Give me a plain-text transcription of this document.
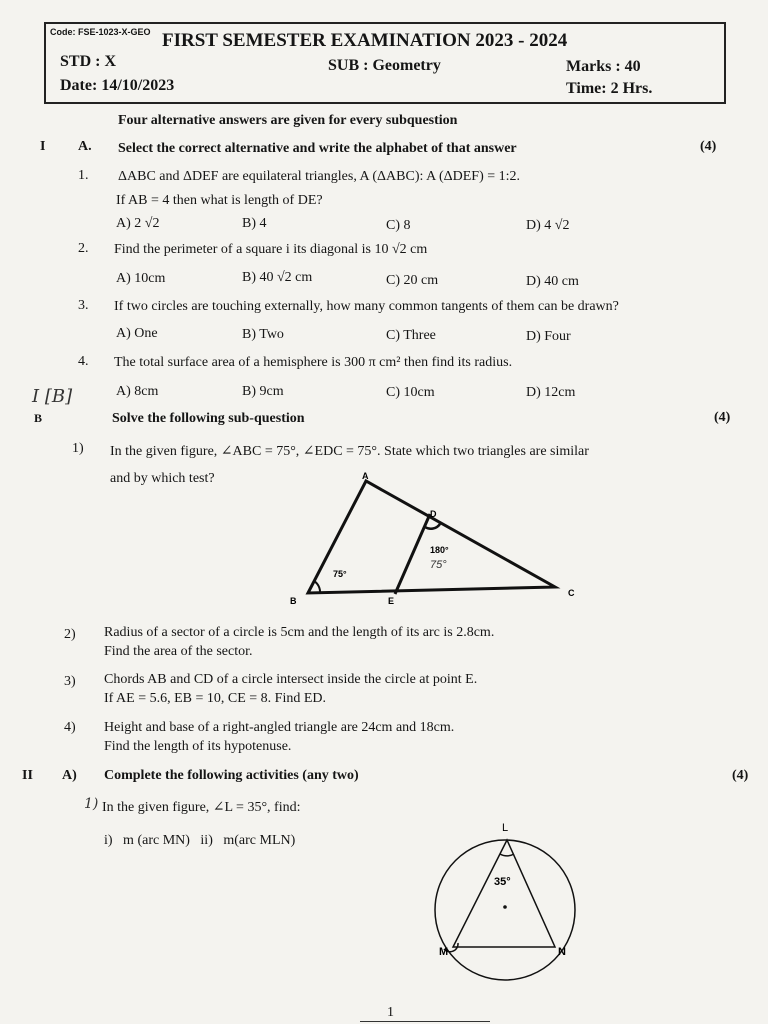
Code: FSE-1023-X-GEO FIRST SEMESTER EXAMINATION 2023 - 2024
STD : X	SUB : Geometry	Marks : 40
Date: 14/10/2023	Time: 2 Hrs.
Four alternative answers are given for every subquestion
I A. Select the correct alternative and write the alphabet of that answer	(4)
1. ΔABC and ΔDEF are equilateral triangles, A (ΔABC): A (ΔDEF) = 1:2.
If AB = 4 then what is length of DE?
A) 2 √2	B) 4	C) 8	D) 4 √2
2. Find the perimeter of a square i its diagonal is 10 √2 cm
A) 10cm	B) 40 √2 cm	C) 20 cm	D) 40 cm
3. If two circles are touching externally, how many common tangents of them can be drawn?
A) One	B) Two	C) Three	D) Four
4. The total surface area of a hemisphere is 300 π cm² then find its radius.
A) 8cm	B) 9cm	C) 10cm	D) 12cm
I [B]
B	Solve the following sub-question	(4)
1) In the given figure, ∠ABC = 75°, ∠EDC = 75°. State which two triangles are similar
and by which test?	A
B
C
D
E
75°
180°
75°
2) Radius of a sector of a circle is 5cm and the length of its arc is 2.8cm.
Find the area of the sector.
3) Chords AB and CD of a circle intersect inside the circle at point E.
If AE = 5.6, EB = 10, CE = 8. Find ED.
4) Height and base of a right-angled triangle are 24cm and 18cm.
Find the length of its hypotenuse.
II A) Complete the following activities (any two)	(4)
1) In the given figure, ∠L = 35°, find:
i)   m (arc MN)   ii)   m(arc MLN)
L
M	N
35°
1
